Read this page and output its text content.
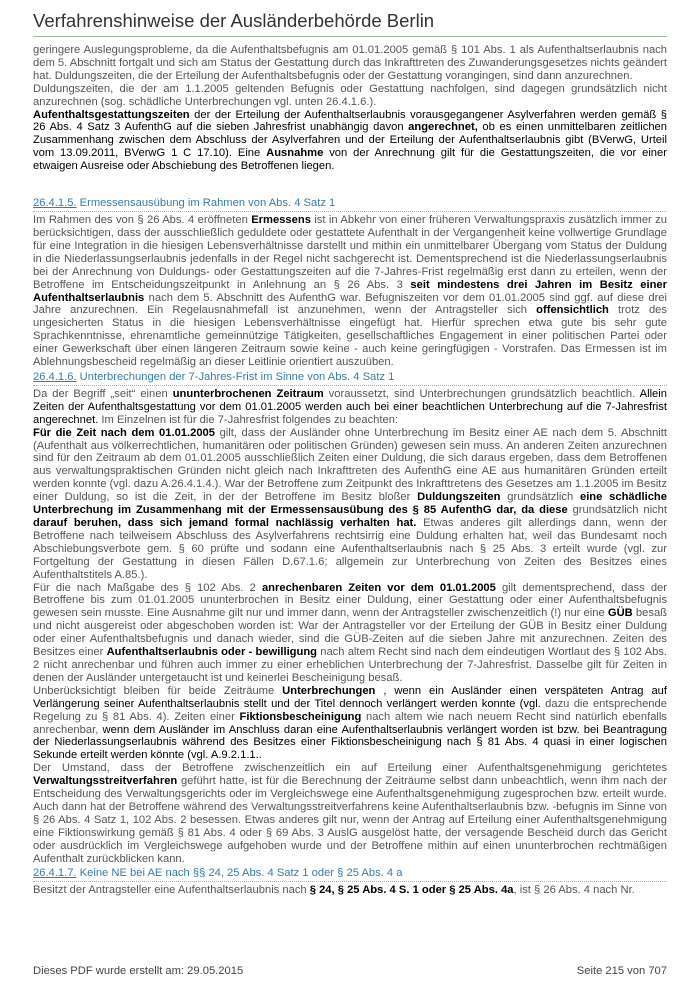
Verfahrenshinweise der Ausländerbehörde Berlin

geringere Auslegungsprobleme, da die Aufenthaltsbefugnis am 01.01.2005 gemäß § 101 Abs. 1 als Aufenthaltserlaubnis nach dem 5. Abschnitt fortgalt und sich am Status der Gestattung durch das Inkrafttreten des Zuwanderungsgesetzes nichts geändert hat. Duldungszeiten, die der Erteilung der Aufenthaltsbefugnis oder der Gestattung vorangingen, sind dann anzurechnen.

Duldungszeiten, die der am 1.1.2005 geltenden Befugnis oder Gestattung nachfolgen, sind dagegen grundsätzlich nicht anzurechnen (sog. schädliche Unterbrechungen vgl. unten 26.4.1.6.).

Aufenthaltsgestattungszeiten der der Erteilung der Aufenthaltserlaubnis vorausgegangener Asylverfahren werden gemäß § 26 Abs. 4 Satz 3 AufenthG auf die sieben Jahresfrist unabhängig davon angerechnet, ob es einen unmittelbaren zeitlichen Zusammenhang zwischen dem Abschluss der Asylverfahren und der Erteilung der Aufenthaltserlaubnis gibt (BVerwG, Urteil vom 13.09.2011, BVerwG 1 C 17.10). Eine Ausnahme von der Anrechnung gilt für die Gestattungszeiten, die vor einer etwaigen Ausreise oder Abschiebung des Betroffenen liegen.

26.4.1.5. Ermessensausübung im Rahmen von Abs. 4 Satz 1

Im Rahmen des von § 26 Abs. 4 eröffneten Ermessens ist in Abkehr von einer früheren Verwaltungspraxis zusätzlich immer zu berücksichtigen, dass der ausschließlich geduldete oder gestattete Aufenthalt in der Vergangenheit keine vollwertige Grundlage für eine Integration in die hiesigen Lebensverhältnisse darstellt und mithin ein unmittelbarer Übergang vom Status der Duldung in die Niederlassungserlaubnis jedenfalls in der Regel nicht sachgerecht ist. Dementsprechend ist die Niederlassungserlaubnis bei der Anrechnung von Duldungs- oder Gestattungszeiten auf die 7-Jahres-Frist regelmäßig erst dann zu erteilen, wenn der Betroffene im Entscheidungszeitpunkt in Anlehnung an § 26 Abs. 3 seit mindestens drei Jahren im Besitz einer Aufenthaltserlaubnis nach dem 5. Abschnitt des AufenthG war. Befugniszeiten vor dem 01.01.2005 sind ggf. auf diese drei Jahre anzurechnen. Ein Regelausnahmefall ist anzunehmen, wenn der Antragsteller sich offensichtlich trotz des ungesicherten Status in die hiesigen Lebensverhältnisse eingefügt hat. Hierfür sprechen etwa gute bis sehr gute Sprachkenntnisse, ehrenamtliche gemeinnützige Tätigkeiten, gesellschaftliches Engagement in einer politischen Partei oder einer Gewerkschaft über einen längeren Zeitraum sowie keine - auch keine geringfügigen - Vorstrafen. Das Ermessen ist im Ablehnungsbescheid regelmäßig an dieser Leitlinie orientiert auszuüben.

26.4.1.6. Unterbrechungen der 7-Jahres-Frist im Sinne von Abs. 4 Satz 1

Da der Begriff „seit“ einen ununterbrochenen Zeitraum voraussetzt, sind Unterbrechungen grundsätzlich beachtlich. Allein Zeiten der Aufenthaltsgestattung vor dem 01.01.2005 werden auch bei einer beachtlichen Unterbrechung auf die 7-Jahresfrist angerechnet. Im Einzelnen ist für die 7-Jahresfrist folgendes zu beachten:

Für die Zeit nach dem 01.01.2005 gilt, dass der Ausländer ohne Unterbrechung im Besitz einer AE nach dem 5. Abschnitt (Aufenthalt aus völkerrechtlichen, humanitären oder politischen Gründen) gewesen sein muss. An anderen Zeiten anzurechnen sind für den Zeitraum ab dem 01.01.2005 ausschließlich Zeiten einer Duldung, die sich daraus ergeben, dass dem Betroffenen aus verwaltungspraktischen Gründen nicht gleich nach Inkrafttreten des AufenthG eine AE aus humanitären Gründen erteilt werden konnte (vgl. dazu A.26.4.1.4.). War der Betroffene zum Zeitpunkt des Inkrafttretens des Gesetzes am 1.1.2005 im Besitz einer Duldung, so ist die Zeit, in der der Betroffene im Besitz bloßer Duldungszeiten grundsätzlich eine schädliche Unterbrechung im Zusammenhang mit der Ermessensausübung des § 85 AufenthG dar, da diese grundsätzlich nicht darauf beruhen, dass sich jemand formal nachlässig verhalten hat. Etwas anderes gilt allerdings dann, wenn der Betroffene nach teilweisem Abschluss des Asylverfahrens rechtsirrig eine Duldung erhalten hat, weil das Bundesamt noch Abschiebungsverbote gem. § 60 prüfte und sodann eine Aufenthaltserlaubnis nach § 25 Abs. 3 erteilt wurde (vgl. zur Fortgeltung der Gestattung in diesen Fällen D.67.1.6; allgemein zur Unterbrechung von Zeiten des Besitzes eines Aufenthaltstitels A.85.).

Für die nach Maßgabe des § 102 Abs. 2 anrechenbaren Zeiten vor dem 01.01.2005 gilt dementsprechend, dass der Betroffene bis zum 01.01.2005 ununterbrochen in Besitz einer Duldung, einer Gestattung oder einer Aufenthaltsbefugnis gewesen sein musste. Eine Ausnahme gilt nur und immer dann, wenn der Antragsteller zwischenzeitlich (!) nur eine GÜB besaß und nicht ausgereist oder abgeschoben worden ist: War der Antragsteller vor der Erteilung der GÜB in Besitz einer Duldung oder einer Aufenthaltsbefugnis und danach wieder, sind die GÜB-Zeiten auf die sieben Jahre mit anzurechnen. Zeiten des Besitzes einer Aufenthaltserlaubnis oder - bewilligung nach altem Recht sind nach dem eindeutigen Wortlaut des § 102 Abs. 2 nicht anrechenbar und führen auch immer zu einer erheblichen Unterbrechung der 7-Jahresfrist. Dasselbe gilt für Zeiten in denen der Ausländer untergetaucht ist und keinerlei Bescheinigung besaß.

Unberücksichtigt bleiben für beide Zeiträume Unterbrechungen , wenn ein Ausländer einen verspäteten Antrag auf Verlängerung seiner Aufenthaltserlaubnis stellt und der Titel dennoch verlängert werden konnte (vgl. dazu die entsprechende Regelung zu § 81 Abs. 4). Zeiten einer Fiktionsbescheinigung nach altem wie nach neuem Recht sind natürlich ebenfalls anrechenbar, wenn dem Ausländer im Anschluss daran eine Aufenthaltserlaubnis verlängert worden ist bzw. bei Beantragung der Niederlassungserlaubnis während des Besitzes einer Fiktionsbescheinigung nach § 81 Abs. 4 quasi in einer logischen Sekunde erteilt werden könnte (vgl. A.9.2.1.1..

Der Umstand, dass der Betroffene zwischenzeitlich ein auf Erteilung einer Aufenthaltsgenehmigung gerichtetes Verwaltungsstreitverfahren geführt hatte, ist für die Berechnung der Zeiträume selbst dann unbeachtlich, wenn ihm nach der Entscheidung des Verwaltungsgerichts oder im Vergleichswege eine Aufenthaltsgenehmigung zugesprochen bzw. erteilt wurde. Auch dann hat der Betroffene während des Verwaltungsstreitverfahrens keine Aufenthaltserlaubnis bzw. -befugnis im Sinne von § 26 Abs. 4 Satz 1, 102 Abs. 2 besessen. Etwas anderes gilt nur, wenn der Antrag auf Erteilung einer Aufenthaltsgenehmigung eine Fiktionswirkung gemäß § 81 Abs. 4 oder § 69 Abs. 3 AuslG ausgelöst hatte, der versagende Bescheid durch das Gericht oder ausdrücklich im Vergleichswege aufgehoben wurde und der Betroffene mithin auf einen ununterbrochen rechtmäßigen Aufenthalt zurückblicken kann.

26.4.1.7. Keine NE bei AE nach §§ 24, 25 Abs. 4 Satz 1 oder § 25 Abs. 4 a

Besitzt der Antragsteller eine Aufenthaltserlaubnis nach § 24, § 25 Abs. 4 S. 1 oder § 25 Abs. 4a, ist § 26 Abs. 4 nach Nr.

Dieses PDF wurde erstellt am: 29.05.2015	Seite 215 von 707
